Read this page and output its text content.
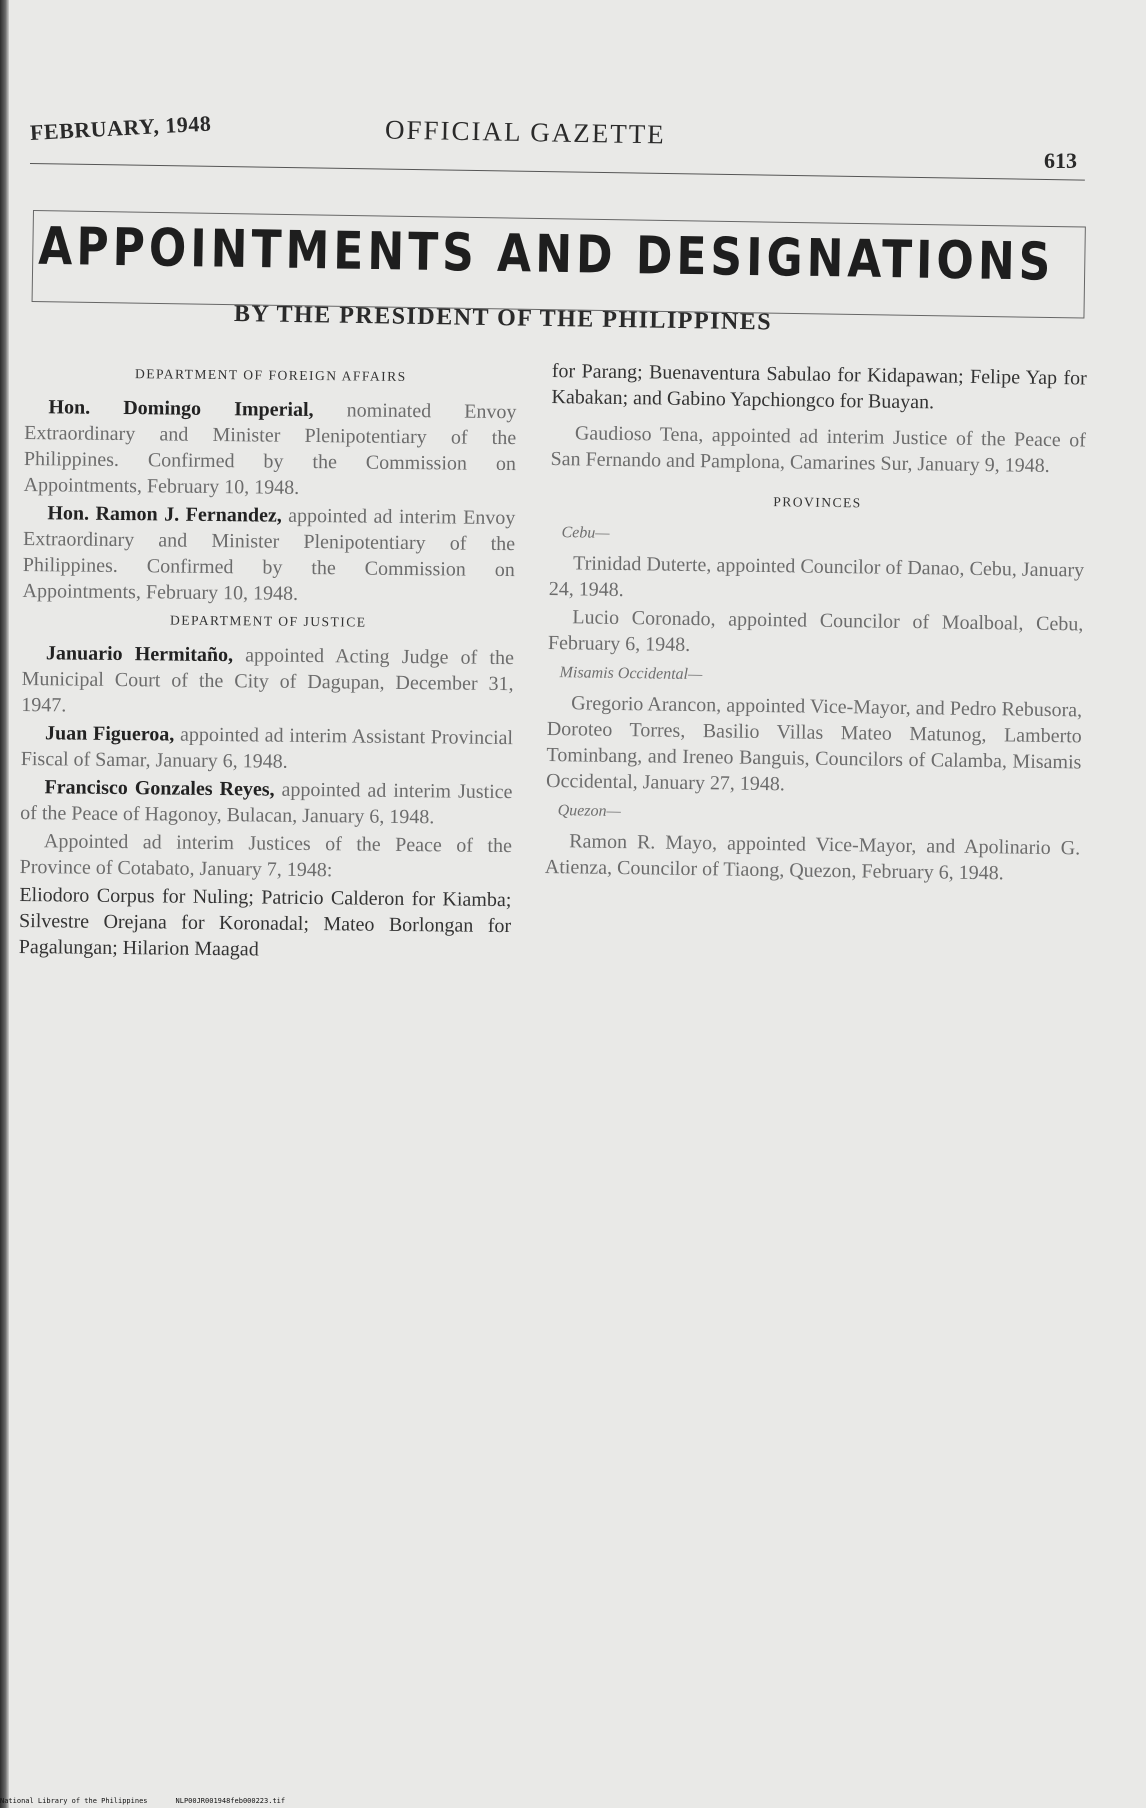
FEBRUARY, 1948	OFFICIAL GAZETTE
613
APPOINTMENTS AND DESIGNATIONS
BY THE PRESIDENT OF THE PHILIPPINES
DEPARTMENT OF FOREIGN AFFAIRS

Hon. Domingo Imperial, nominated Envoy Extraordinary and Minister Plenipotentiary of the Philippines. Confirmed by the Commission on Appointments, February 10, 1948.

Hon. Ramon J. Fernandez, appointed ad interim Envoy Extraordinary and Minister Plenipotentiary of the Philippines. Confirmed by the Commission on Appointments, February 10, 1948.

DEPARTMENT OF JUSTICE

Januario Hermitaño, appointed Acting Judge of the Municipal Court of the City of Dagupan, December 31, 1947.

Juan Figueroa, appointed ad interim Assistant Provincial Fiscal of Samar, January 6, 1948.

Francisco Gonzales Reyes, appointed ad interim Justice of the Peace of Hagonoy, Bulacan, January 6, 1948.

Appointed ad interim Justices of the Peace of the Province of Cotabato, January 7, 1948:

Eliodoro Corpus for Nuling; Patricio Calderon for Kiamba; Silvestre Orejana for Koronadal; Mateo Borlongan for Pagalungan; Hilarion Maagad

for Parang; Buenaventura Sabulao for Kidapawan; Felipe Yap for Kabakan; and Gabino Yapchiongco for Buayan.

Gaudioso Tena, appointed ad interim Justice of the Peace of San Fernando and Pamplona, Camarines Sur, January 9, 1948.

PROVINCES
Cebu—

Trinidad Duterte, appointed Councilor of Danao, Cebu, January 24, 1948.

Lucio Coronado, appointed Councilor of Moalboal, Cebu, February 6, 1948.

Misamis Occidental—

Gregorio Arancon, appointed Vice-Mayor, and Pedro Rebusora, Doroteo Torres, Basilio Villas Mateo Matunog, Lamberto Tominbang, and Ireneo Banguis, Councilors of Calamba, Misamis Occidental, January 27, 1948.

Quezon—

Ramon R. Mayo, appointed Vice-Mayor, and Apolinario G. Atienza, Councilor of Tiaong, Quezon, February 6, 1948.

National Library of the Philippines	NLP00JR001948feb000223.tif
